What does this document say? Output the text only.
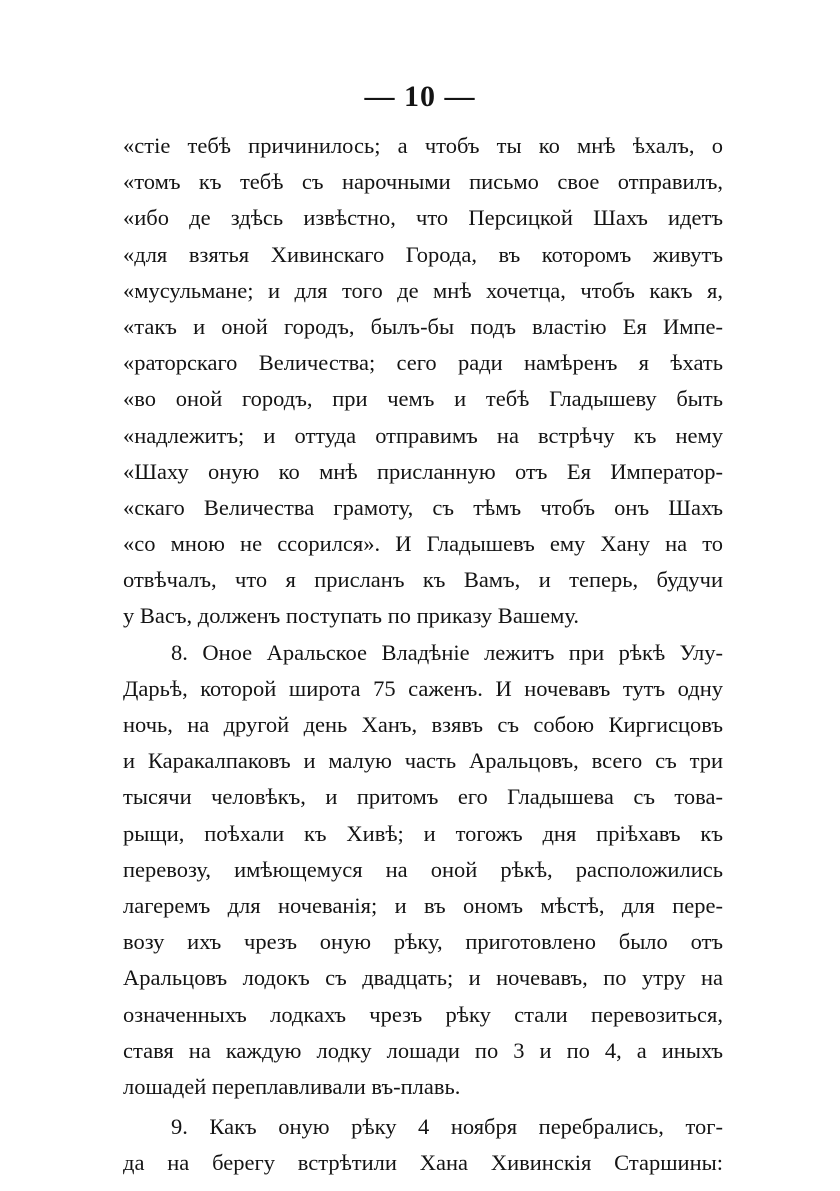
— 10 —
«стіе тебѣ причинилось; а чтобъ ты ко мнѣ ѣхалъ, о
«томъ къ тебѣ съ нарочными письмо свое отправилъ,
«ибо де здѣсь извѣстно, что Персицкой Шахъ идетъ
«для взятья Хивинскаго Города, въ которомъ живутъ
«мусульмане; и для того де мнѣ хочетца, чтобъ какъ я,
«такъ и оной городъ, былъ-бы подъ властію Ея Импе-
«раторскаго Величества; сего ради намѣренъ я ѣхать
«во оной городъ, при чемъ и тебѣ Гладышеву быть
«надлежитъ; и оттуда отправимъ на встрѣчу къ нему
«Шаху оную ко мнѣ присланную отъ Ея Император-
«скаго Величества грамоту, съ тѣмъ чтобъ онъ Шахъ
«со мною не ссорился». И Гладышевъ ему Хану на то
отвѣчалъ, что я присланъ къ Вамъ, и теперь, будучи
у Васъ, долженъ поступать по приказу Вашему.
8. Оное Аральское Владѣніе лежитъ при рѣкѣ Улу-
Дарьѣ, которой широта 75 саженъ. И ночевавъ тутъ одну
ночь, на другой день Ханъ, взявъ съ собою Киргисцовъ
и Каракалпаковъ и малую часть Аральцовъ, всего съ три
тысячи человѣкъ, и притомъ его Гладышева съ това-
рыщи, поѣхали къ Хивѣ; и тогожъ дня пріѣхавъ къ
перевозу, имѣющемуся на оной рѣкѣ, расположились
лагеремъ для ночеванія; и въ ономъ мѣстѣ, для пере-
возу ихъ чрезъ оную рѣку, приготовлено было отъ
Аральцовъ лодокъ съ двадцать; и ночевавъ, по утру на
означенныхъ лодкахъ чрезъ рѣку стали перевозиться,
ставя на каждую лодку лошади по 3 и по 4, а иныхъ
лошадей переплавливали въ-плавь.
9. Какъ оную рѣку 4 ноября перебрались, тог-
да на берегу встрѣтили Хана Хивинскія Старшины:
